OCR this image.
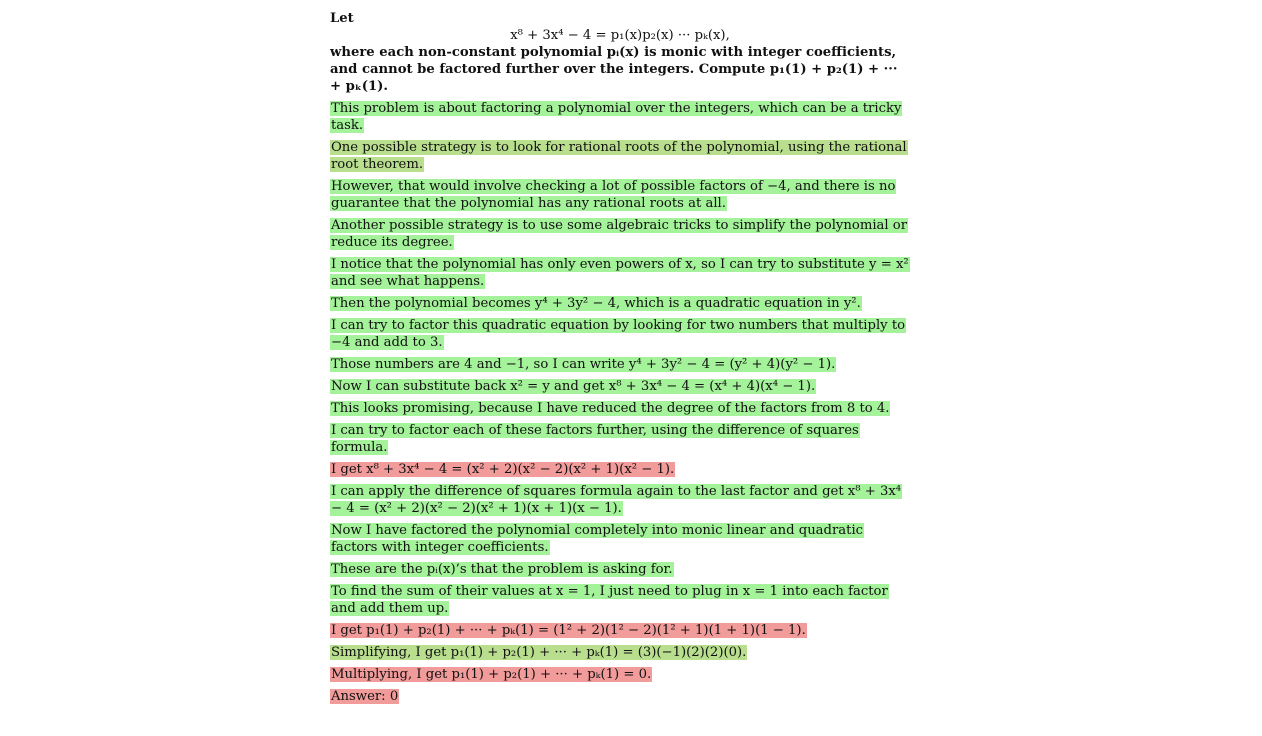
Let

x⁸ + 3x⁴ − 4 = p₁(x)p₂(x) ··· pₖ(x),

where each non-constant polynomial pᵢ(x) is monic with integer coefficients, and cannot be factored further over the integers. Compute p₁(1) + p₂(1) + ··· + pₖ(1).

This problem is about factoring a polynomial over the integers, which can be a tricky task.

One possible strategy is to look for rational roots of the polynomial, using the rational root theorem.

However, that would involve checking a lot of possible factors of −4, and there is no guarantee that the polynomial has any rational roots at all.

Another possible strategy is to use some algebraic tricks to simplify the polynomial or reduce its degree.

I notice that the polynomial has only even powers of x, so I can try to substitute y = x² and see what happens.

Then the polynomial becomes y⁴ + 3y² − 4, which is a quadratic equation in y².

I can try to factor this quadratic equation by looking for two numbers that multiply to −4 and add to 3.

Those numbers are 4 and −1, so I can write y⁴ + 3y² − 4 = (y² + 4)(y² − 1).

Now I can substitute back x² = y and get x⁸ + 3x⁴ − 4 = (x⁴ + 4)(x⁴ − 1).

This looks promising, because I have reduced the degree of the factors from 8 to 4.

I can try to factor each of these factors further, using the difference of squares formula.

I get x⁸ + 3x⁴ − 4 = (x² + 2)(x² − 2)(x² + 1)(x² − 1).

I can apply the difference of squares formula again to the last factor and get x⁸ + 3x⁴ − 4 = (x² + 2)(x² − 2)(x² + 1)(x + 1)(x − 1).

Now I have factored the polynomial completely into monic linear and quadratic factors with integer coefficients.

These are the pᵢ(x)’s that the problem is asking for.

To find the sum of their values at x = 1, I just need to plug in x = 1 into each factor and add them up.

I get p₁(1) + p₂(1) + ··· + pₖ(1) = (1² + 2)(1² − 2)(1² + 1)(1 + 1)(1 − 1).

Simplifying, I get p₁(1) + p₂(1) + ··· + pₖ(1) = (3)(−1)(2)(2)(0).

Multiplying, I get p₁(1) + p₂(1) + ··· + pₖ(1) = 0.

Answer: 0
